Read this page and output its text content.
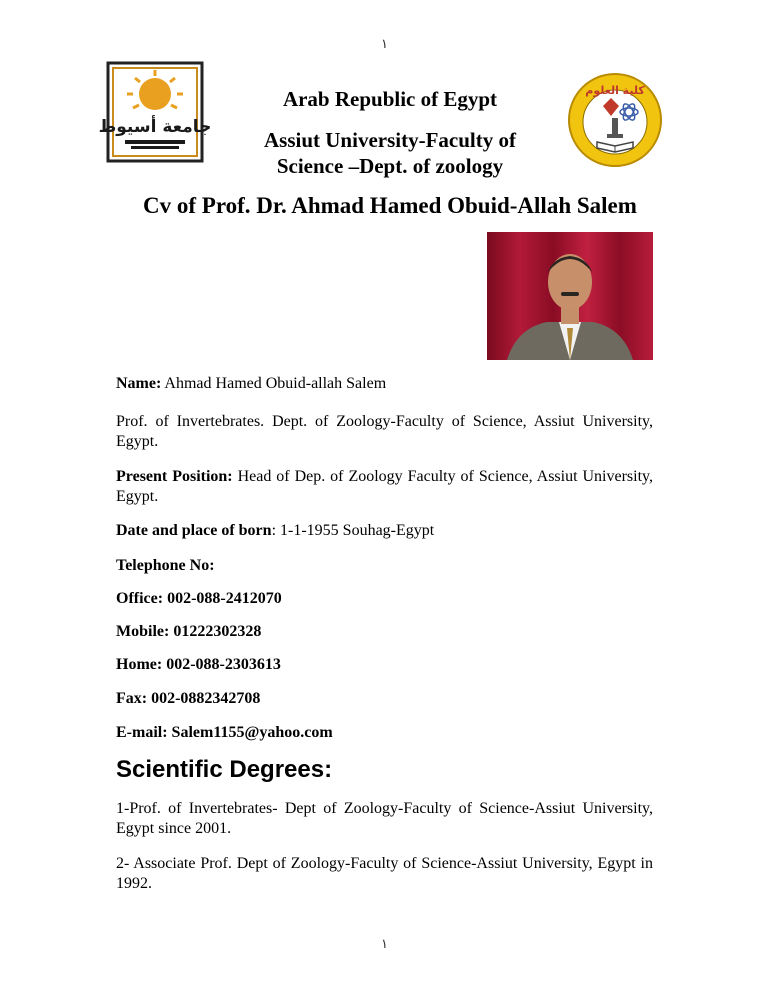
١
جامعة أسيوط
كلية العلوم
Arab Republic of Egypt
Assiut University-Faculty of
Science –Dept. of zoology
Cv of Prof. Dr. Ahmad Hamed Obuid-Allah Salem
Name: Ahmad Hamed Obuid-allah Salem
Prof. of Invertebrates. Dept. of Zoology-Faculty of Science, Assiut University, Egypt.
Present Position: Head of Dep. of Zoology Faculty of Science, Assiut University, Egypt.
Date and place of born: 1-1-1955 Souhag-Egypt
Telephone No:
Office: 002-088-2412070
Mobile: 01222302328
Home: 002-088-2303613
Fax: 002-0882342708
E-mail: Salem1155@yahoo.com
Scientific Degrees:
1-Prof. of Invertebrates- Dept of Zoology-Faculty of Science-Assiut University, Egypt since 2001.
2- Associate Prof. Dept of Zoology-Faculty of Science-Assiut University, Egypt in 1992.
١
